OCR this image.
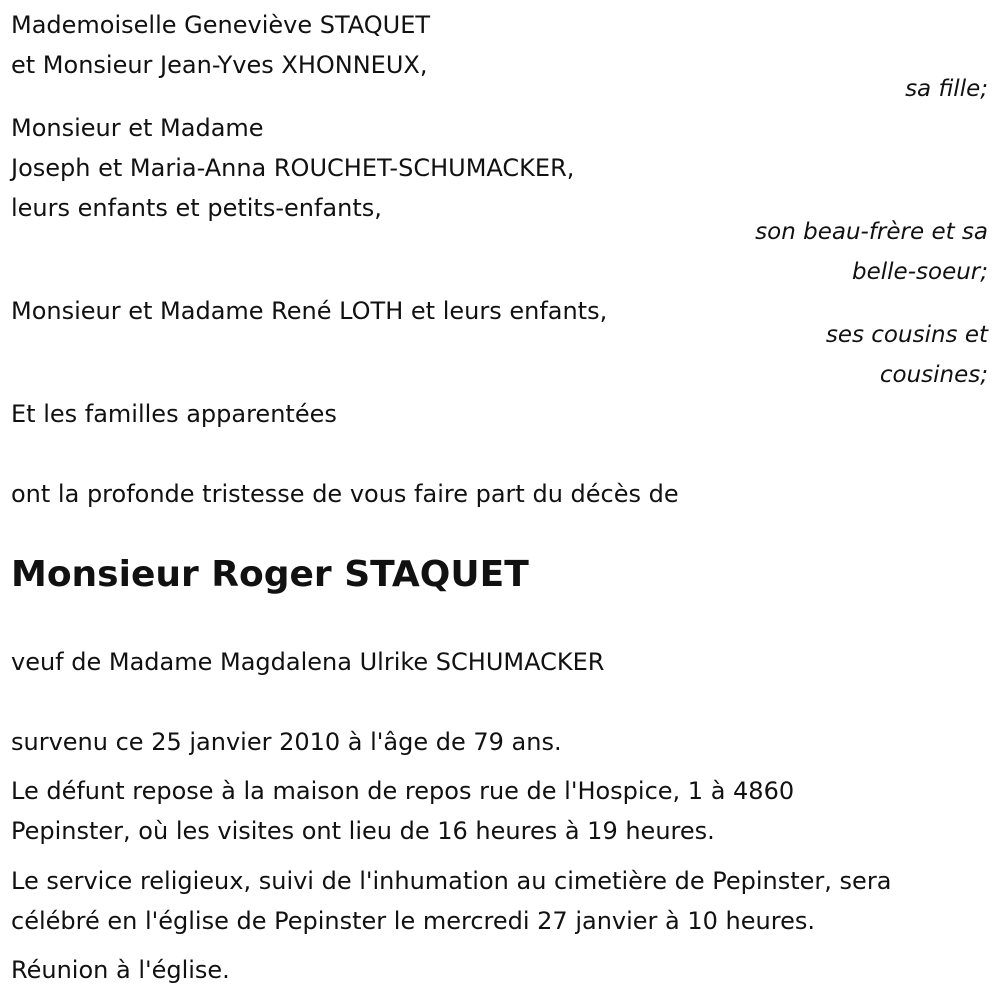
Mademoiselle Geneviève STAQUET
et Monsieur Jean-Yves XHONNEUX,
sa fille;
Monsieur et Madame
Joseph et Maria-Anna ROUCHET-SCHUMACKER,
leurs enfants et petits-enfants,
son beau-frère et sa
belle-soeur;
Monsieur et Madame René LOTH et leurs enfants,
ses cousins et
cousines;
Et les familles apparentées
ont la profonde tristesse de vous faire part du décès de
Monsieur Roger STAQUET
veuf de Madame Magdalena Ulrike SCHUMACKER
survenu ce 25 janvier 2010 à l'âge de 79 ans.
Le défunt repose à la maison de repos rue de l'Hospice, 1 à 4860
Pepinster, où les visites ont lieu de 16 heures à 19 heures.
Le service religieux, suivi de l'inhumation au cimetière de Pepinster, sera
célébré en l'église de Pepinster le mercredi 27 janvier à 10 heures.
Réunion à l'église.
